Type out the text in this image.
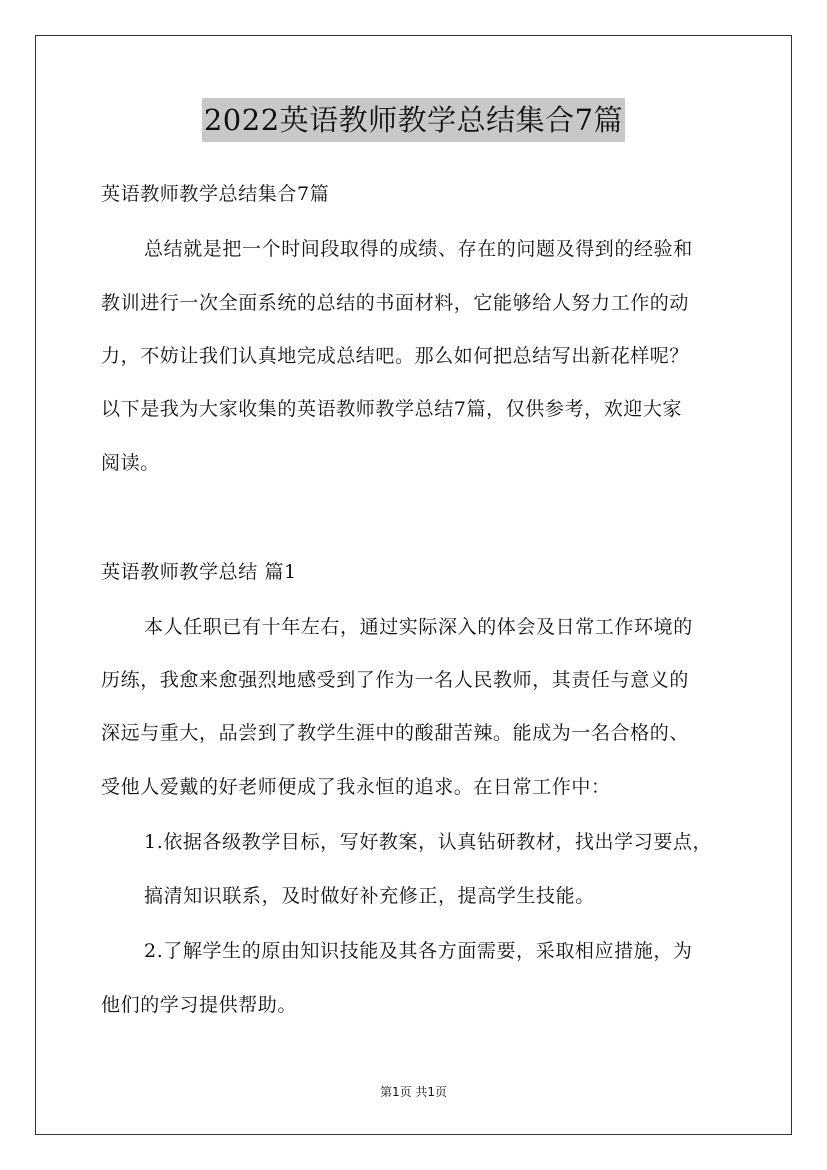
2022英语教师教学总结集合7篇
英语教师教学总结集合7篇
总结就是把一个时间段取得的成绩、存在的问题及得到的经验和
教训进行一次全面系统的总结的书面材料，它能够给人努力工作的动
力，不妨让我们认真地完成总结吧。那么如何把总结写出新花样呢？
以下是我为大家收集的英语教师教学总结7篇，仅供参考，欢迎大家
阅读。
英语教师教学总结 篇1
本人任职已有十年左右，通过实际深入的体会及日常工作环境的
历练，我愈来愈强烈地感受到了作为一名人民教师，其责任与意义的
深远与重大，品尝到了教学生涯中的酸甜苦辣。能成为一名合格的、
受他人爱戴的好老师便成了我永恒的追求。在日常工作中：
1.依据各级教学目标，写好教案，认真钻研教材，找出学习要点，
搞清知识联系，及时做好补充修正，提高学生技能。
2.了解学生的原由知识技能及其各方面需要，采取相应措施，为
他们的学习提供帮助。
第1页 共1页
